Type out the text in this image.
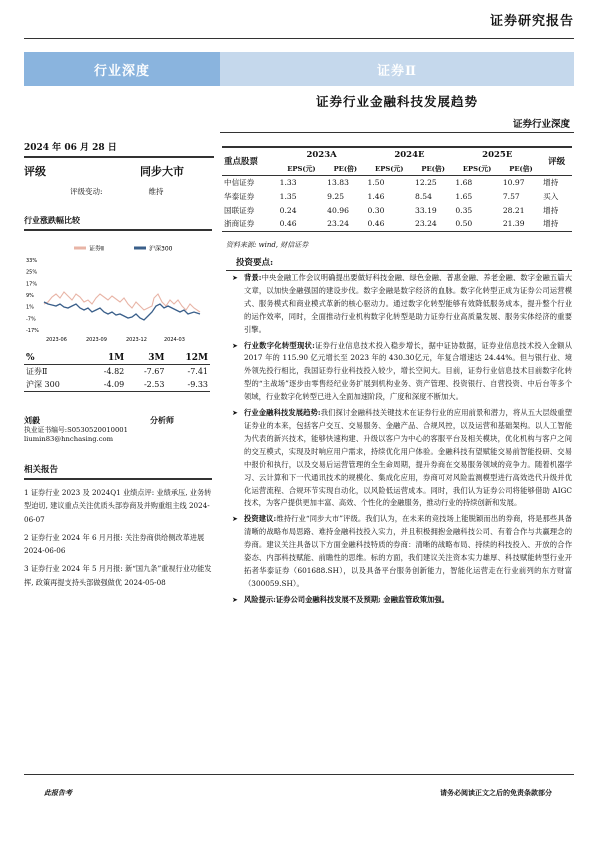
证券研究报告
行业深度	证券Ⅱ
证券行业金融科技发展趋势
证券行业深度
2024 年 06 月 28 日
评级	同步大市
评级变动:	维持
行业涨跌幅比较
证券Ⅱ	沪深300
33%
25%
17%
9%
1%
-7%
-17%
2023-06	2023-09	2023-12	2024-03
%	1M	3M	12M
证券Ⅱ	-4.82	-7.67	-7.41
沪深 300	-4.09	-2.53	-9.33
刘毅	分析师
执业证书编号:S0530520010001
liumin83@hnchasing.com
相关报告

1 证券行业 2023 及 2024Q1 业绩点评: 业绩承压, 业务转型迫切, 建议重点关注优质头部券商及并购重组主线 2024-06-07

2 证券行业 2024 年 6 月月报: 关注券商供给侧改革进展 2024-06-06

3 证券行业 2024 年 5 月月报: 新“国九条”重视行业功能发挥, 政策再提支持头部做强做优 2024-05-08

重点股票	2023A		2024E		2025E		评级
	EPS(元)	PE(倍)	EPS(元)	PE(倍)	EPS(元)	PE(倍)	
中信证券	1.33	13.83	1.50	12.25	1.68	10.97	增持
华泰证券	1.35	9.25	1.46	8.54	1.65	7.57	买入
国联证券	0.24	40.96	0.30	33.19	0.35	28.21	增持
浙商证券	0.46	23.24	0.46	23.24	0.50	21.39	增持
资料来源: wind, 财信证券
投资要点:

➤ 背景:中央金融工作会议明确提出要做好科技金融、绿色金融、普惠金融、养老金融、数字金融五篇大文章，以加快金融强国的建设步伐。数字金融是数字经济的血脉。数字化转型正成为证券公司运营模式、服务模式和商业模式革新的核心驱动力。通过数字化转型能够有效降低服务成本，提升整个行业的运作效率，同时，全面推动行业机构数字化转型是助力证券行业高质量发展、服务实体经济的重要引擎。

➤ 行业数字化转型现状:证券行业信息技术投入稳步增长，据中证协数据，证券业信息技术投入金额从 2017 年的 115.90 亿元增长至 2023 年的 430.30亿元，年复合增速达 24.44%。但与银行业、境外领先投行相比，我国证券行业科技投入较少，增长空间大。目前，证券行业信息技术目前数字化转型的“主战场”逐步由零售经纪业务扩展到机构业务、资产管理、投资银行、自营投资、中后台等多个领域，行业数字化转型已进入全面加速阶段，广度和深度不断加大。

➤ 行业金融科技发展趋势:我们探讨金融科技关键技术在证券行业的应用前景和潜力，将从五大层级重塑证券业的本来，包括客户交互、交易服务、金融产品、合规风控，以及运营和基础架构。以人工智能为代表的新兴技术，能够快速构建、升级以客户为中心的客服平台及相关模块，优化机构与客户之间的交互模式，实现及时响应用户需求，持续优化用户体验。金融科技有望赋能交易前智能投研、交易中报价和执行，以及交易后运营管理的全生命周期，提升券商在交易服务领域的竞争力。随着机器学习、云计算和下一代通讯技术的规模化、集成化应用，券商可对风险监测模型进行高效迭代升级并优化运营流程、合规环节实现自动化，以风险低运营成本。同时，我们认为证券公司将能够借助 AIGC 技术，为客户提供更加丰富、高效、个性化的金融服务，推动行业的持续创新和发展。

➤ 投资建议:维持行业“同步大市”评级。我们认为，在未来的竞技场上能脱颖而出的券商，将是那些具备清晰的战略布局思路、难持金融科技投入实力，并且积极拥抱金融科技公司、有着合作与共赢理念的券商。建议关注具备以下方面金融科技特质的券商：清晰的战略布局、持续的科技投入、开放的合作姿态、内部科技赋能、前瞻性的思维。标的方面，我们建议关注资本实力雄厚、科技赋能转型行业开拓者华泰证券（601688.SH），以及具备平台服务创新能力，智能化运营走在行业前列的东方财富（300059.SH）。

➤ 风险提示:证券公司金融科技发展不及预期; 金融监管政策加强。

此报告考	请务必阅读正文之后的免责条款部分
